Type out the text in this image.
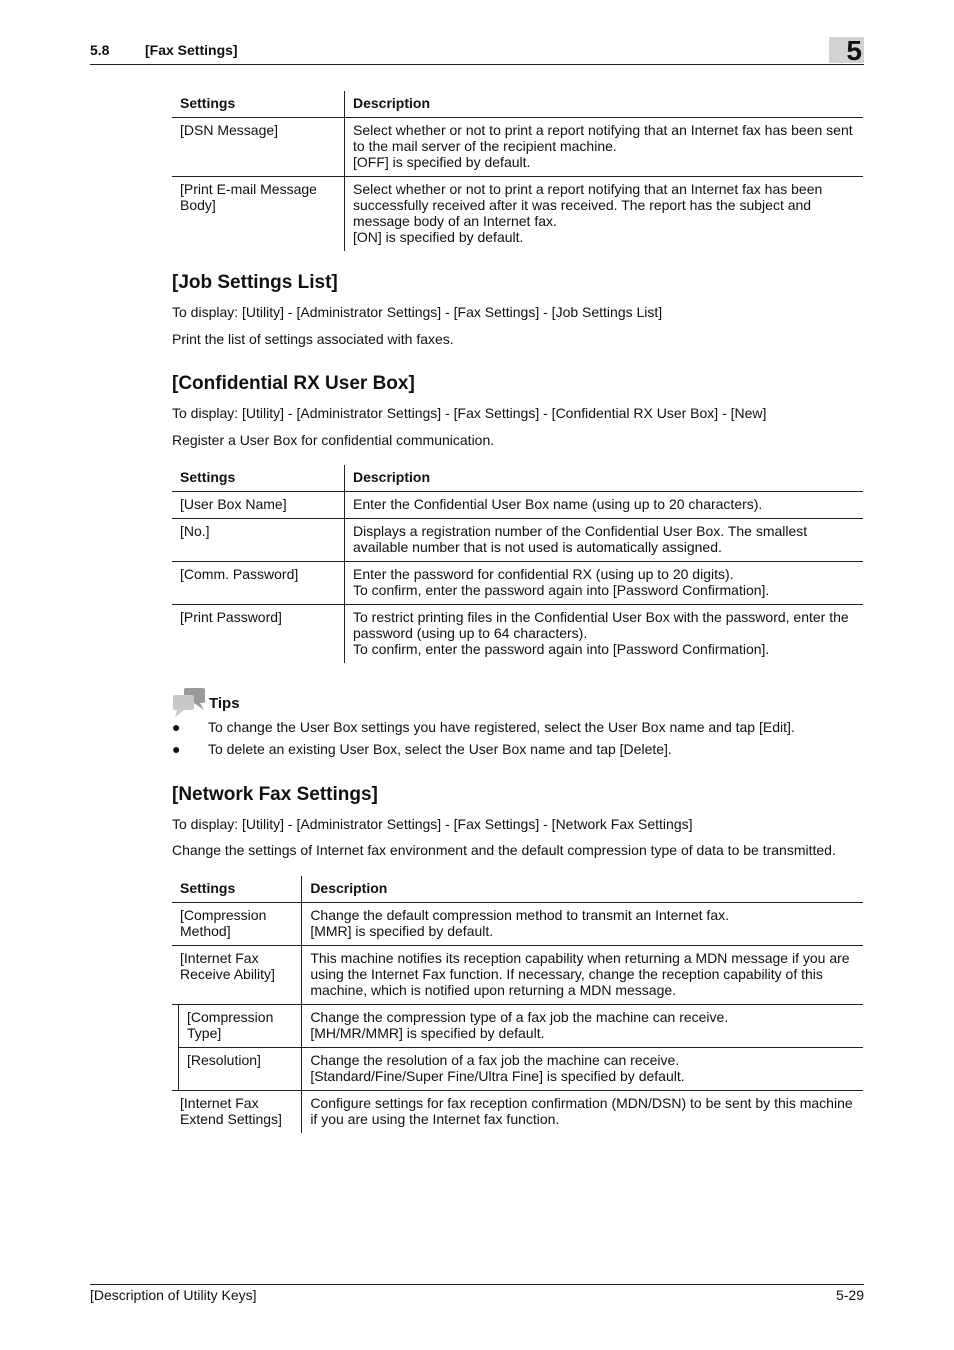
5.8	[Fax Settings]	5
Settings	Description
[DSN Message]	Select whether or not to print a report notifying that an Internet fax has been sent to the mail server of the recipient machine.
[OFF] is specified by default.

[Print E-mail Message Body]	Select whether or not to print a report notifying that an Internet fax has been successfully received after it was received. The report has the subject and message body of an Internet fax.
[ON] is specified by default.
[Job Settings List]

To display: [Utility] - [Administrator Settings] - [Fax Settings] - [Job Settings List]

Print the list of settings associated with faxes.

[Confidential RX User Box]

To display: [Utility] - [Administrator Settings] - [Fax Settings] - [Confidential RX User Box] - [New]

Register a User Box for confidential communication.

Settings	Description
[User Box Name]	Enter the Confidential User Box name (using up to 20 characters).

[No.]	Displays a registration number of the Confidential User Box. The smallest available number that is not used is automatically assigned.

[Comm. Password]	Enter the password for confidential RX (using up to 20 digits).
To confirm, enter the password again into [Password Confirmation].

[Print Password]	To restrict printing files in the Confidential User Box with the password, enter the password (using up to 64 characters).
To confirm, enter the password again into [Password Confirmation].
Tips
● To change the User Box settings you have registered, select the User Box name and tap [Edit].
● To delete an existing User Box, select the User Box name and tap [Delete].
[Network Fax Settings]

To display: [Utility] - [Administrator Settings] - [Fax Settings] - [Network Fax Settings]

Change the settings of Internet fax environment and the default compression type of data to be transmitted.

Settings		Description
[Compression Method]		Change the default compression method to transmit an Internet fax.
[MMR] is specified by default.

[Internet Fax Receive Ability]		This machine notifies its reception capability when returning a MDN message if you are using the Internet Fax function. If necessary, change the reception capability of this machine, which is notified upon returning a MDN message.

	[Compression Type]	Change the compression type of a fax job the machine can receive.
[MH/MR/MMR] is specified by default.

	[Resolution]	Change the resolution of a fax job the machine can receive.
[Standard/Fine/Super Fine/Ultra Fine] is specified by default.

[Internet Fax Extend Settings]		Configure settings for fax reception confirmation (MDN/DSN) to be sent by this machine if you are using the Internet fax function.
[Description of Utility Keys]	5-29
